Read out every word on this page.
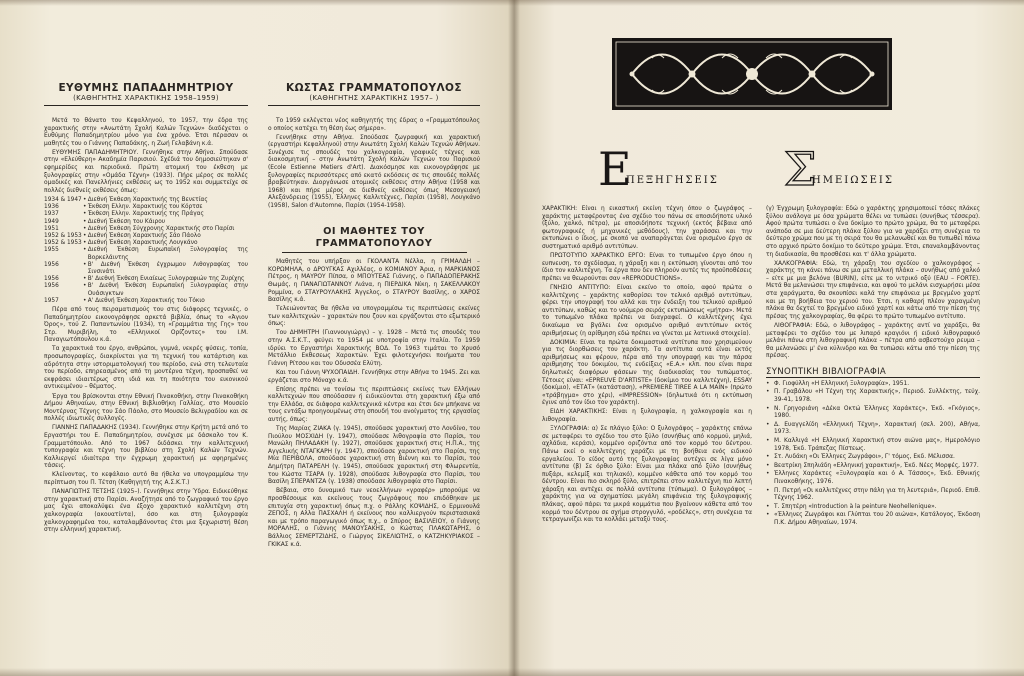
ΕΥΘΥΜΗΣ ΠΑΠΑΔΗΜΗΤΡΙΟΥ
(ΚΑΘΗΓΗΤΗΣ ΧΑΡΑΚΤΙΚΗΣ 1958–1959)

Μετά το θάνατο του Κεφαλληνού, το 1957, την έδρα της χαρακτικής στην «Ανωτάτη Σχολή Καλών Τεχνών» διαδέχεται ο Ευθύμης Παπαδημητρίου μόνο για ένα χρόνο. Έτσι πέρασαν οι μαθητές του ο Γιάννης Παπαδάκης, η Ζωή Γελαβάνη κ.ά.

ΕΥΘΥΜΗΣ ΠΑΠΑΔΗΜΗΤΡΙΟΥ. Γεννήθηκε στην Αθήνα. Σπούδασε στην «Ελεύθερη» Ακαδημία Παρισιού. Σχέδιά του δημοσιεύτηκαν σ' εφημερίδες και περιοδικά. Πρώτη ατομική του έκθεση με ξυλογραφίες στην «Ομάδα Τέχνη» (1933). Πήρε μέρος σε πολλές ομαδικές και Πανελλήνιες εκθέσεις ως το 1952 και συμμετείχε σε πολλές διεθνείς εκθέσεις όπως:

1934 & 1947	•	Διεθνή Έκθεση Χαρακτικής της Βενετίας
1936	•	Έκθεση Ελλην. Χαρακτικής του Κόρτσε
1937	•	Έκθεση Ελλην. Χαρακτικής της Πράγας
1949	•	Διεθνή Έκθεση του Κάιρου
1951	•	Διεθνή Έκθεση Σύγχρονης Χαρακτικής στο Παρίσι
1952 & 1953	•	Διεθνή Έκθεση Χαρακτικής Σάο Πάολο
1952 & 1953	•	Διεθνή Έκθεση Χαρακτικής Λουγκάνο
1955	•	Διεθνή Έκθεση Ευρωπαϊκή Ξυλογραφίας της Βορκελάιντης
1956	•	Β' Διεθνή Έκθεση έγχρωμου Λιθογραφίας του Σινσινάτι
1956	•	Β' Διεθνή Έκθεση Ενιαίεως Ξυλογραφιών της Ζυρίχης
1956	•	Β' Διεθνή Έκθεση Ευρωπαϊκή Ξυλογραφίας στην Ουάσιγκτων
1957	•	Α' Διεθνή Έκθεση Χαρακτικής του Τόκιο

Πέρα από τους πειραματισμούς του στις διάφορες τεχνικές, ο Παπαδημητρίου εικονογράφησε αρκετά βιβλία, όπως το «Άγιον Όρος», τού Ζ. Παπαντωνίου (1934), τη «Γραμμάτια της Γης» του Στρ. Μυριβήλη, το «Ελληνικοί Ορίζοντες» του Ι.Μ. Παναγιωτόπουλου κ.ά.

Τα χαρακτικά του έργο, ανθρώποι, γυμνά, νεκρές φύσεις, τοπία, προσωπογραφίες, διακρίνεται για τη τεχνική του κατάρτιση και αδρότητα στην ιστοριματολογική του περίοδο, ενώ στη τελευταία του περίοδο, επηρεασμένος από τη μοντέρνα τέχνη, προσπαθεί να εκφράσει ιδιαιτέρως στη ιδιά και τη ποιότητα του εικονικού αντικειμένου – θέματος.

Έργα του βρίσκονται στην Εθνική Πινακοθήκη, στην Πινακοθήκη Δήμου Αθηναίων, στην Εθνική Βιβλιοθήκη Γαλλίας, στο Μουσείο Μοντέρνας Τέχνης του Σάο Πάολο, στο Μουσείο Βελιγραδίου και σε πολλές ιδιωτικές συλλογές.

ΓΙΑΝΝΗΣ ΠΑΠΑΔΑΚΗΣ (1934). Γεννήθηκε στην Κρήτη μετά από το Εργαστήρι του Ε. Παπαδημητρίου, συνέχισε με δάσκαλο τον Κ. Γραμματόπουλο. Από το 1967 διδάσκει την καλλιτεχνική τυπογραφία και τέχνη του βιβλίου στη Σχολή Καλών Τεχνών. Καλλιεργεί ιδιαίτερα την έγχρωμη χαρακτική με αφηρημένες τάσεις.

Κλείνοντας, το κεφάλαιο αυτό θα ήθελα να υπογραμμίσω την περίπτωση του Π. Τέτση (Καθηγητή της Α.Σ.Κ.Τ.)

ΠΑΝΑΓΙΩΤΗΣ ΤΕΤΣΗΣ (1925–). Γεννήθηκε στην Ύδρα. Ειδικεύθηκε στην χαρακτική στο Παρίσι. Αναζήτησε από το ζωγραφικό του έργο μας έχει αποκαλύψει ένα έξοχο χαρακτικό καλλιτέχνη στη χαλκογραφία (ακουατίντα), όσο και στη ξυλογραφία χαλκογραφημένα του, καταλαμβάνοντας έτσι μια ξεχωριστή θέση στην ελληνική χαρακτική.

ΚΩΣΤΑΣ ΓΡΑΜΜΑΤΟΠΟΥΛΟΣ
(ΚΑΘΗΓΗΤΗΣ ΧΑΡΑΚΤΙΚΗΣ 1957– )

Το 1959 εκλέγεται νέος καθηγητής της έδρας ο «Γραμματόπουλος ο οποίος κατέχει τη θέση έως σήμερα».

Γεννήθηκε στην Αθήνα. Σπούδασε ζωγραφική και χαρακτική (εργαστήρι Κεφαλληνού) στην Ανωτάτη Σχολή Καλών Τεχνών Αθήνων. Συνέχισε τις σπουδές του χαλκογραφία, γραφικές τέχνες και διακοσμητική – στην Ανωτάτη Σχολή Καλών Τεχνών του Παρισιού (Ecole Estienne Metiers d'Art). Διακόσμησε και εικονογράφησε με ξυλογραφίες περισσότερες από εκατό εκδόσεις σε τις σπουδές πολλές βραβεύτηκαν. Διοργάνωσε ατομικές εκθέσεις στην Αθήνα (1958 και 1968) και πήρε μέρος σε διεθνείς εκθέσεις όπως Μεσογειακή Αλεξάνδρειας (1955), Έλληνες Καλλιτέχνες, Παρίσι (1958), Λουγκάνο (1958), Salon d'Automne, Παρίσι (1954-1958).

ΟΙ ΜΑΘΗΤΕΣ ΤΟΥ ΓΡΑΜΜΑΤΟΠΟΥΛΟΥ

Μαθητές του υπήρξαν οι ΓΚΟΛΑΝΤΑ Νέλλα, η ΓΡΙΜΑΛΔΗ – ΚΟΡΩΜΗΛΑ, ο ΔΡΟΥΓΚΑΣ Αχιλλέας, ο ΚΟΜΙΑΝΟΥ Άρια, η ΜΑΡΚΙΑΝΟΣ Πέτρος, η ΜΑΥΡΟΥ Πίπσα, ο ΜΠΟΥΤΕΑΣ Γιάννης, ο ΠΑΠΑΔΟΠΕΡΑΚΗΣ Θωμάς, η ΠΑΝΑΓΙΩΤΑΝΝΟΥ Λιάνα, η ΠΙΕΡΔΙΚΑ Νίκη, η ΣΑΚΕΛΛΑΚΟΥ Ρομμίνα, ο ΣΤΑΥΡΟΥΛΑΚΗΣ Άγγελος, ο ΣΤΑΥΡΟΥ Βασίλης, ο ΧΑΡΟΣ Βασίλης κ.ά.

Τελειώνοντας θα ήθελα να υπογραμμίσω τις περιπτώσεις εκείνες των καλλιτεχνών – χαρακτών που ζουν και εργάζονται στο εξωτερικό όπως:

Του ΔΗΜΗΤΡΗ (Γιαννουγιώργι) – γ. 1928 – Μετά τις σπουδές του στην Α.Σ.Κ.Τ., φεύγει το 1954 με υποτροφία στην Ιταλία. Το 1959 ιδρύει το Εργαστήρι Χαρακτικής ΒΟΔ. Το 1963 τιμάται το Χρυσό Μετάλλιο Εκθεσεως Χαρακτών. Έχει φιλοτεχνήσει ποιήματα του Γιάννη Ρίτσου και του Οδυσσέα Ελύτη.

Και του Γιάννη ΨΥΧΟΠΑΙΔΗ. Γεννήθηκε στην Αθήνα το 1945. Ζει και εργάζεται στο Μόναχο κ.ά.

Επίσης πρέπει να τονίσω τις περιπτώσεις εκείνες των Ελλήνων καλλιτεχνών που σπούδασαν ή ειδικεύονται στη χαρακτική έξω από την Ελλάδα, σε διάφορα καλλιτεχνικά κέντρα και έτσι δεν μπήκανε να τους εντάξω προηγουμένως στη σπουδή του ανοίγματος της εργασίας αυτής, όπως:

Της Μαρίας ΖΙΑΚΑ (γ. 1945), σπούδασε χαρακτική στο Λονδίνο, του Πιούλου ΜΟΣΧΙΔΗ (γ. 1947), σπούδασε λιθογραφία στο Παρίσι, του Μανώλη ΠΗΛΑΔΑΚΗ (γ. 1927), σπούδασε χαρακτική στις Η.Π.Α., της Αγγελικής ΝΤΑΓΚΑΡΗ (γ. 1947), σπούδασε χαρακτική στο Παρίσι, της Μία ΠΕΡΙΒΟΛΑ, σπούδασε χαρακτική στη Βιέννη και το Παρίσι, του Δημήτρη ΠΑΤΑΡΕΛΗ (γ. 1945), σπούδασε χαρακτική στη Φλωρεντία, του Κώστα ΤΣΑΡΑ (γ. 1928), σπούδασε λιθογραφία στο Παρίσι, του Βασίλη ΣΠΕΡΑΝΤΖΑ (γ. 1938) σπούδασε λιθογραφία στο Παρίσι.

Βέβαια, στο δυναμικό των νεοελλήνων «γραφέρ» μπορούμε να προσθέσουμε και εκείνους τους ζωγράφους που επιδόθηκαν με επιτυχία στη χαρακτική όπως π.χ. ο Ράλλης ΚΟΨΙΔΗΣ, ο Ερμινουλά ΖΕΠΟΣ, η Αλλα ΠΑΣΧΑΛΗ ή εκείνους που καλλιεργούν περιστασιακά και με τρόπο παραγωγικό όπως π.χ., ο Σπύρος ΒΑΣΙΛΕΙΟΥ, ο Γιάννης ΜΟΡΑΛΗΣ, ο Γιάννης ΜΑΝΟΥΣΑΚΗΣ, ο Κώστας ΠΛΑΚΩΤΑΡΗΣ, ο Βάλλιος ΣΕΜΕΡΤΖΙΔΗΣ, ο Γιώργος ΣΙΚΕΛΙΩΤΗΣ, ο ΚΑΤΖΗΚΥΡΙΑΚΟΣ – ΓΚΙΚΑΣ κ.ά.

Ε
ΠΕΞΗΓΗΣΕΙΣ Σ
ΗΜΕΙΩΣΕΙΣ

ΧΑΡΑΚΤΙΚΗ: Είναι η εικαστική εκείνη τέχνη όπου ο ζωγράφος – χαράκτης μεταφέροντας ένα σχέδιο του πάνω σε αποσιδήποτε υλικό (ξύλο, χαλκό, πέτρα), με αποσιδήποτε τεχνική (εκτός βέβαια από φωτογραφικές ή μηχανικές μεθόδους), την χαράσσει και την εκτυπώνει ο ίδιος, με σκοπό να αναπαράγεται ένα ορισμένο έργο σε συστηματικό αριθμό αντιτύπων.

ΠΡΩΤΟΤΥΠΟ ΧΑΡΑΚΤΙΚΟ ΕΡΓΟ: Είναι το τυπωμένο έργο όπου η ευπνευση, το σχεδίασμα, η χάραξη και η εκτύπωση γίνονται από τον ίδιο τον καλλιτέχνη. Τα έργα που δεν πληρούν αυτές τις προϋποθέσεις πρέπει να θεωρούνται σαν «REPRODUCTIONS».

ΓΝΗΣΙΟ ΑΝΤΙΤΥΠΟ: Είναι εκείνο το οποίο, αφού πρώτα ο καλλιτέχνης – χαράκτης καθορίσει τον τελικό αριθμό αντιτύπων, φέρει την υπογραφή του αλλά και την ένδειξη του τελικού αριθμού αντιτύπων, καθώς και το νούμερο σειράς εκτυπώσεως «μήτρα». Μετά το τυπωμένο πλάκα πρέπει να διαγραφεί. Ο καλλιτέχνης έχει δικαίωμα να βγάλει ένα ορισμένο αριθμό αντιτύπων εκτός αριθμήσεως (η αρίθμηση εδώ πρέπει να γίνεται με λατινικά στοιχεία).

ΔΟΚΙΜΙΑ: Είναι τα πρώτα δοκιμαστικά αντίτυπα που χρησιμεύουν για τις διορθώσεις του χαράκτη. Τα αντίτυπα αυτά είναι εκτός αριθμήσεως και φέρουν, πέρα από την υπογραφή και την πάρσα αριθμησης του δοκιμίου, τις ενδείξεις «Ε.Α.» κλπ. που είναι παρα δηλωτικές διαφόρων φάσεων της διαδικασίας του τυπώματος. Τέτοιες είναι: «EPREUVE D'ARTISTE» (δοκίμιο του καλλιτέχνη), ESSAY (δοκίμιο), «ΕΤΑΤ» (κατάσταση), «PREMIERE TIREE A LA MAIN» (πρώτο «τράβηγμα» στο χέρι), «IMPRESSION» (δηλωτικά ότι η εκτύπωση έγινε από τον ίδιο τον χαράκτη).

ΕΙΔΗ ΧΑΡΑΚΤΙΚΗΣ: Είναι η ξυλογραφία, η χαλκογραφία και η λιθογραφία.

ΞΥΛΟΓΡΑΦΙΑ: α) Σε πλάγιο ξύλο: Ο ξυλογράφος – χαράκτης επάνω σε μεταφέρει το σχέδιο του στο ξύλο (συνήθως από κορμού, μηλιά, αχλάδια, κεράσι), κομμένο οριζόντια από τον κορμό του δέντρου. Πάνω εκεί ο καλλιτέχνης χαράζει με τη βοήθεια ενός ειδικού εργαλείου. Το είδος αυτό της ξυλογραφίας αντέχει σε λίγα μόνο αντίτυπα (β) Σε όρθιο ξύλο: Είναι μια πλάκα από ξύλο (συνήθως πυξάρι, κελεμίξ και τηλιακό), κομμένο κάθετα από τον κορμό του δέντρου. Είναι πιο σκληρό ξύλο, επιτρέπει στον καλλιτέχνη πιο λεπτή χάραξη και αντέχει σε πολλά αντίτυπα (τύπωμα). Ο ξυλογράφος – χαράκτης για να σχηματίσει μεγάλη επιφάνεια της ξυλογραφικής πλάκας, αφού πάρει τα μικρά κομμάτια που βγαίνουν κάθετα από τον κορμό του δέντρου σε σχήμα στρογγυλό, «ροδέλες», στη συνέχεια τα τετραγωνίζει και τα κολλάει μεταξύ τους.

(γ) Έγχρωμη ξυλογραφία: Εδώ ο χαράκτης χρησιμοποιεί τόσες πλάκες ξύλου ανάλογα με όσα χρώματα θέλει να τυπώσει (συνήθως τέσσερα). Αφού πρώτα τυπώσει ο ένα δοκίμιο το πρώτο χρώμα, θα το μεταφέρει ανάποδα σε μια δεύτερη πλάκα ξύλου για να χαράξει στη συνέχεια το δεύτερο χρώμα που με τη σειρά του θα μελανωθεί και θα τυπωθεί πάνω στο αρχικό πρώτο δοκίμιο το δεύτερο χρώμα. Έτσι, επαναλαμβάνοντας τη διαδικασία, θα προσθέσει και τ' άλλα χρώματα.

ΧΑΛΚΟΓΡΑΦΙΑ: Εδώ, τη χάραξη του σχεδίου ο χαλκογράφος – χαράκτης τη κάνει πάνω σε μια μεταλλική πλάκα – συνήθως από χαλκό – είτε με μια βελόνα (BURIN), είτε με το νιτρικό οξύ (EAU – FORTE). Μετά θα μελανώσει την επιφάνεια, και αφού το μελάνι εισχωρήσει μέσα στα χαράγματα, θα σκουπίσει καλά την επιφάνεια με βρεγμένο χαρτί και με τη βοήθεια του χεριού του. Έτσι, η καθαρή πλέον χαραγμένη πλάκα θα δεχτεί το βρεγμένο ειδικό χαρτί και κάτω από την πίεση της πρέσας της χαλκογραφίας, θα φέρει το πρώτο τυπωμένο αντίτυπο.

ΛΙΘΟΓΡΑΦΙΑ: Εδώ, ο λιθογράφος – χαράκτης αντί να χαράξει, θα μεταφέρει το σχέδιο του με λιπαρό κραγιόνι ή ειδικό λιθογραφικό μελάνι πάνω στη λιθογραφική πλάκα – πέτρα από ασβεστούχο ρευμα – θα μελανώσει μ' ένα κύλινδρο και θα τυπώσει κάτω από την πίεση της πρέσας.

ΣΥΝΟΠΤΙΚΗ ΒΙΒΛΙΟΓΡΑΦΙΑ
• Φ. Γιοφύλλη «Η Ελληνική Ξυλογραφία», 1951.
• Π. Γραβάλου «Η Τέχνη της Χαρακτικής», Περιοδ. Συλλέκτης, τεύχ. 39-41, 1978.
• Ν. Γρηγοριάνη «Δέκα Οκτώ Έλληνες Χαράκτες», Έκδ. «Γκόγιος», 1980.
• Δ. Ευαγγελίδη «Ελληνική Τέχνη», Χαρακτική (σελ. 200), Αθήνα, 1973.
• Μ. Καλλιγά «Η Ελληνική Χαρακτική στον αιώνα μας», Ημερολόγιο 1978, Έκδ. Τράπεζας Πίστεως.
• Στ. Λυδάκη «Οι Έλληνες Ζωγράφοι», Γ' τόμος, Εκδ. Μέλισσα.
• Βεατρίκη Σπηλιάδη «Ελληνική χαρακτική», Έκδ. Νέες Μορφές, 1977.
• Έλληνες Χαράκτες «Ξυλογραφία και ό Α. Τάσσος», Έκδ. Εθνικής Πινακοθήκης, 1976.
• Π. Πετρή «Οι καλλιτέχνες στην πάλη για τη λευτεριά», Περιοδ. Επιθ. Τέχνης 1962.
• Τ. Σπητέρη «Introduction à la peinture Neohellenique».
• «Έλληνες Ζωγράφοι και Γλύπται του 20 αιώνα», Κατάλογος, Έκδοση Π.Κ. Δήμου Αθηναίων, 1974.
